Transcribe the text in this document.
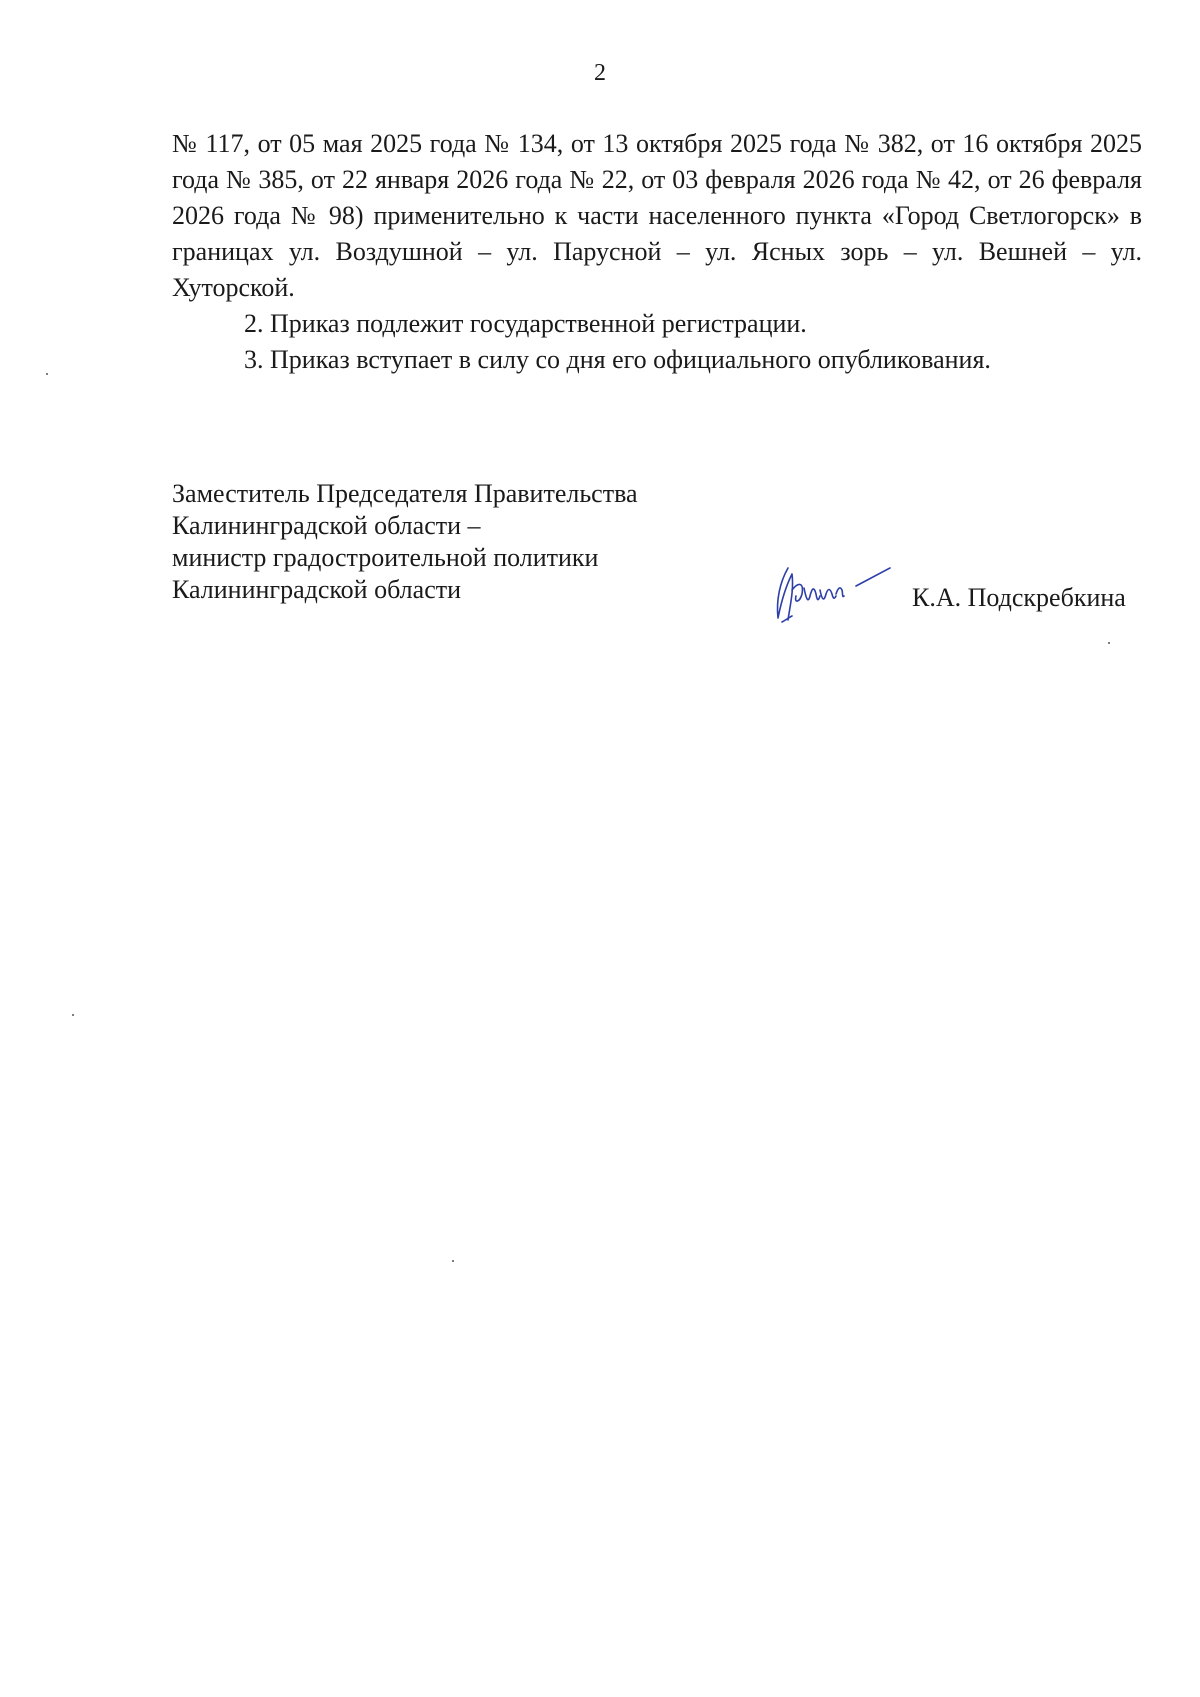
2

№ 117, от 05 мая 2025 года № 134, от 13 октября 2025 года № 382, от 16 октября 2025 года № 385, от 22 января 2026 года № 22, от 03 февраля 2026 года № 42, от 26 февраля 2026 года № 98) применительно к части населенного пункта «Город Светлогорск» в границах ул. Воздушной – ул. Парусной – ул. Ясных зорь – ул. Вешней – ул. Хуторской.

2. Приказ подлежит государственной регистрации.

3. Приказ вступает в силу со дня его официального опубликования.

Заместитель Председателя Правительства
Калининградской области –
министр градостроительной политики
Калининградской области	К.А. Подскребкина
